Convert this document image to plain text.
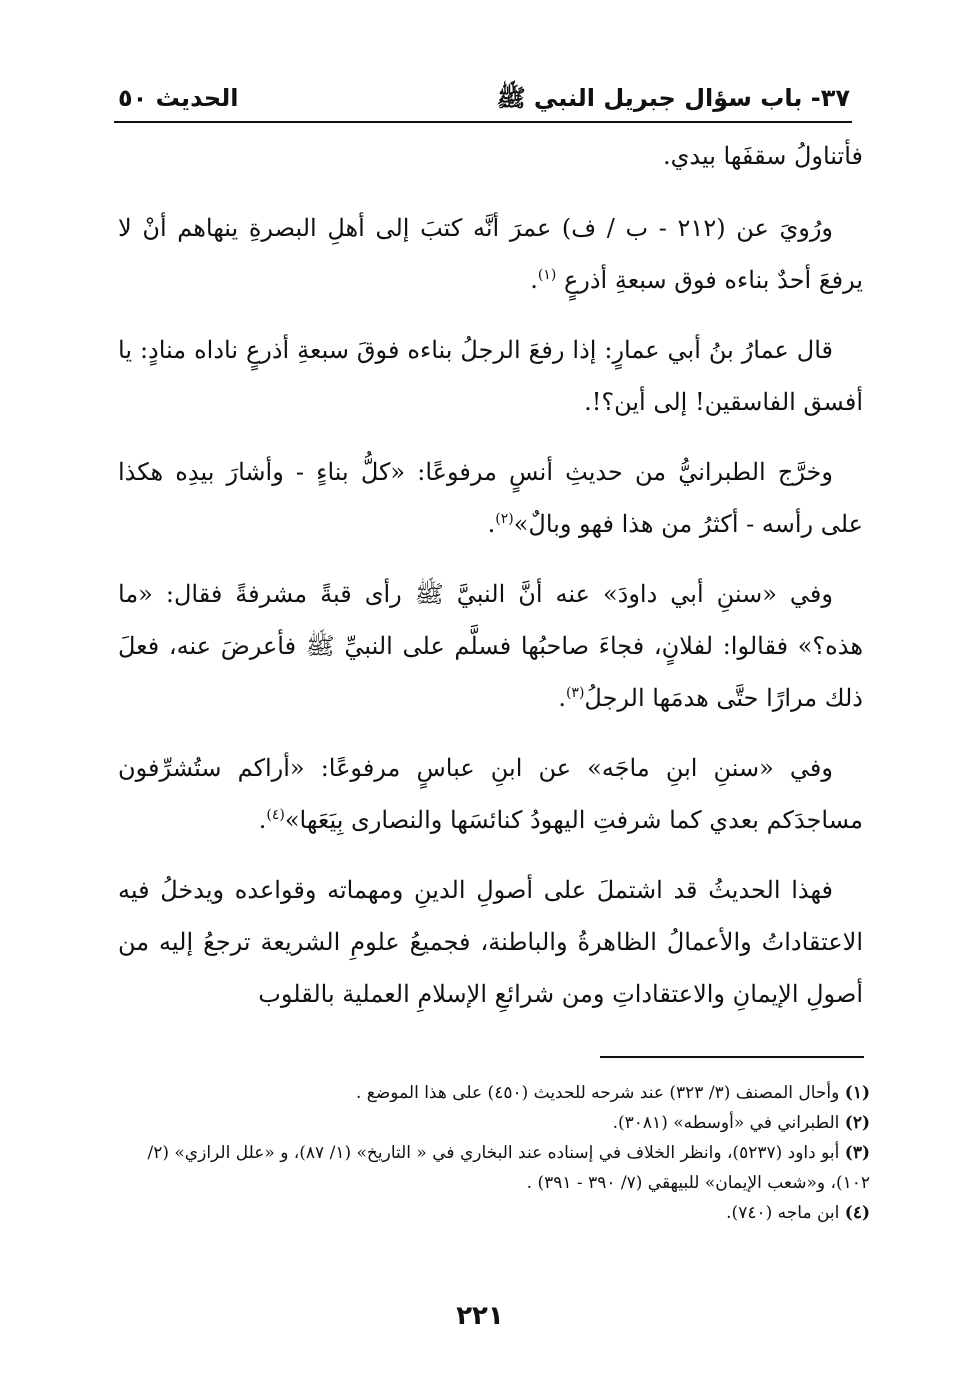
٣٧- باب سؤال جبريل النبي ﷺ
الحديث ٥٠

فأتناولُ سقفَها بيدي.

ورُويَ عن (٢١٢ - ب / ف) عمرَ أنَّه كتبَ إلى أهلِ البصرةِ ينهاهم أنْ لا يرفعَ أحدٌ بناءه فوق سبعةِ أذرعٍ $^{(١)}$.

قال عمارُ بنُ أبي عمارٍ: إذا رفعَ الرجلُ بناءه فوقَ سبعةِ أذرعٍ ناداه منادٍ: يا أفسق الفاسقين! إلى أين؟!.

وخرَّج الطبرانيُّ من حديثِ أنسٍ مرفوعًا: «كلُّ بناءٍ - وأشارَ بيدِه هكذا على رأسه - أكثرُ من هذا فهو وبالٌ»$^{(٢)}$.

وفي «سننِ أبي داودَ» عنه أنَّ النبيَّ ﷺ رأى قبةً مشرفةً فقال: «ما هذه؟» فقالوا: لفلانٍ، فجاءَ صاحبُها فسلَّم على النبيِّ ﷺ فأعرضَ عنه، فعلَ ذلك مرارًا حتَّى هدمَها الرجلُ$^{(٣)}$.

وفي «سننِ ابنِ ماجَه» عن ابنِ عباسٍ مرفوعًا: «أراكم ستُشرِّفون مساجدَكم بعدي كما شرفتِ اليهودُ كنائسَها والنصارى بِيَعَها»$^{(٤)}$.

فهذا الحديثُ قد اشتملَ على أصولِ الدينِ ومهماته وقواعده ويدخلُ فيه الاعتقاداتُ والأعمالُ الظاهرةُ والباطنة، فجميعُ علومِ الشريعة ترجعُ إليه من أصولِ الإيمانِ والاعتقاداتِ ومن شرائعِ الإسلامِ العملية بالقلوب

(١) وأحال المصنف (٣/ ٣٢٣) عند شرحه للحديث (٤٥٠) على هذا الموضع .

(٢) الطبراني في «أوسطه» (٣٠٨١).

(٣) أبو داود (٥٢٣٧)، وانظر الخلاف في إسناده عند البخاري في « التاريخ» (١/ ٨٧)، و «علل الرازي» (٢/ ١٠٢)، و«شعب الإيمان» للبيهقي (٧/ ٣٩٠ - ٣٩١) .

(٤) ابن ماجه (٧٤٠).

٢٢١
